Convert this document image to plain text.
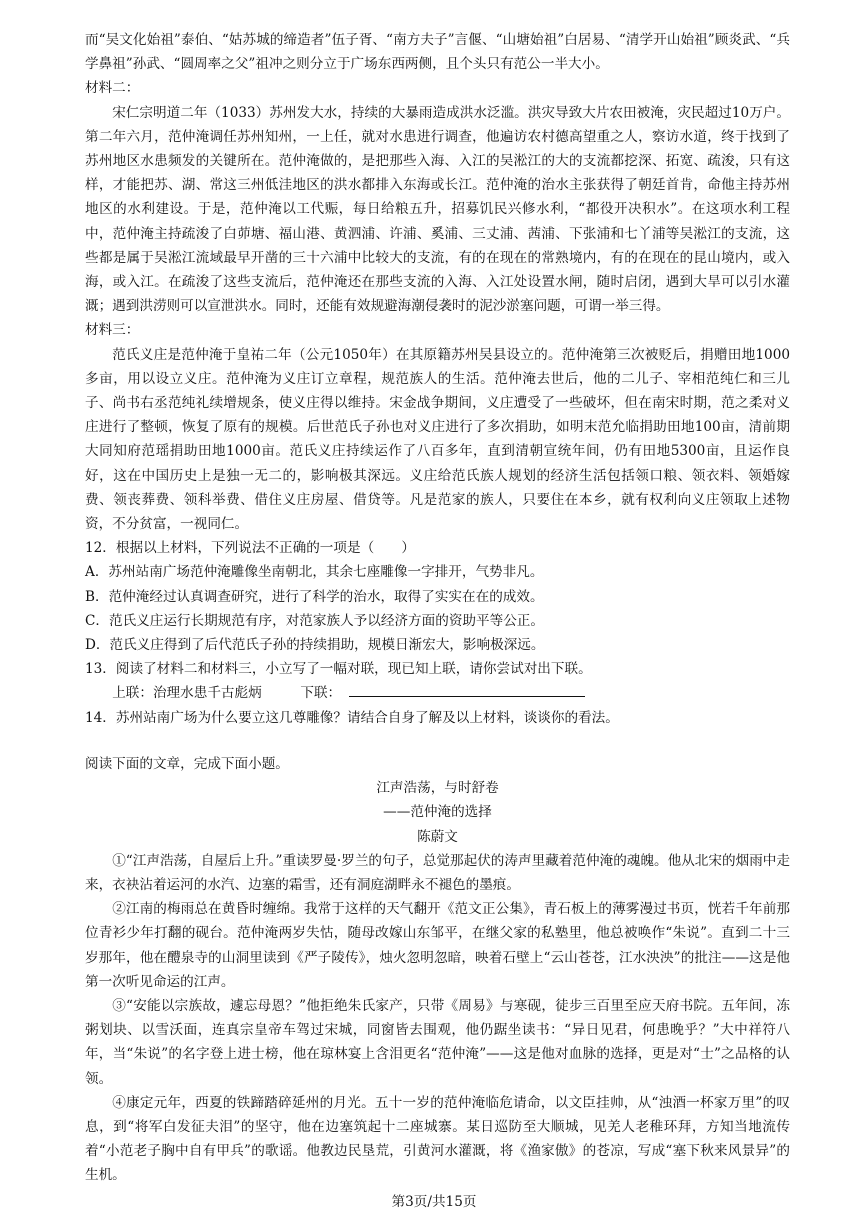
而“吴文化始祖”泰伯、“姑苏城的缔造者”伍子胥、“南方夫子”言偃、“山塘始祖”白居易、“清学开山始祖”顾炎武、“兵学鼻祖”孙武、“圆周率之父”祖冲之则分立于广场东西两侧，且个头只有范公一半大小。

材料二：

宋仁宗明道二年（1033）苏州发大水，持续的大暴雨造成洪水泛滥。洪灾导致大片农田被淹，灾民超过10万户。第二年六月，范仲淹调任苏州知州，一上任，就对水患进行调查，他遍访农村德高望重之人，察访水道，终于找到了苏州地区水患频发的关键所在。范仲淹做的，是把那些入海、入江的吴淞江的大的支流都挖深、拓宽、疏浚，只有这样，才能把苏、湖、常这三州低洼地区的洪水都排入东海或长江。范仲淹的治水主张获得了朝廷首肯，命他主持苏州地区的水利建设。于是，范仲淹以工代赈，每日给粮五升，招募饥民兴修水利，“都役开决积水”。在这项水利工程中，范仲淹主持疏浚了白茆塘、福山港、黄泗浦、许浦、奚浦、三丈浦、茜浦、下张浦和七丫浦等吴淞江的支流，这些都是属于吴淞江流域最早开凿的三十六浦中比较大的支流，有的在现在的常熟境内，有的在现在的昆山境内，或入海，或入江。在疏浚了这些支流后，范仲淹还在那些支流的入海、入江处设置水闸，随时启闭，遇到大旱可以引水灌溉；遇到洪涝则可以宣泄洪水。同时，还能有效规避海潮侵袭时的泥沙淤塞问题，可谓一举三得。

材料三：

范氏义庄是范仲淹于皇祐二年（公元1050年）在其原籍苏州吴县设立的。范仲淹第三次被贬后，捐赠田地1000多亩，用以设立义庄。范仲淹为义庄订立章程，规范族人的生活。范仲淹去世后，他的二儿子、宰相范纯仁和三儿子、尚书右丞范纯礼续增规条，使义庄得以维持。宋金战争期间，义庄遭受了一些破坏，但在南宋时期，范之柔对义庄进行了整顿，恢复了原有的规模。后世范氏子孙也对义庄进行了多次捐助，如明末范允临捐助田地100亩，清前期大同知府范瑶捐助田地1000亩。范氏义庄持续运作了八百多年，直到清朝宣统年间，仍有田地5300亩，且运作良好，这在中国历史上是独一无二的，影响极其深远。义庄给范氏族人规划的经济生活包括领口粮、领衣料、领婚嫁费、领丧葬费、领科举费、借住义庄房屋、借贷等。凡是范家的族人，只要住在本乡，就有权利向义庄领取上述物资，不分贫富，一视同仁。

12．根据以上材料，下列说法不正确的一项是（　　）

A．苏州站南广场范仲淹雕像坐南朝北，其余七座雕像一字排开，气势非凡。

B．范仲淹经过认真调查研究，进行了科学的治水，取得了实实在在的成效。

C．范氏义庄运行长期规范有序，对范家族人予以经济方面的资助平等公正。

D．范氏义庄得到了后代范氏子孙的持续捐助，规模日渐宏大，影响极深远。

13．阅读了材料二和材料三，小立写了一幅对联，现已知上联，请你尝试对出下联。

上联：治理水患千古彪炳	下联：

14．苏州站南广场为什么要立这几尊雕像？请结合自身了解及以上材料，谈谈你的看法。

阅读下面的文章，完成下面小题。

江声浩荡，与时舒卷

——范仲淹的选择

陈蔚文

①“江声浩荡，自屋后上升。”重读罗曼·罗兰的句子，总觉那起伏的涛声里藏着范仲淹的魂魄。他从北宋的烟雨中走来，衣袂沾着运河的水汽、边塞的霜雪，还有洞庭湖畔永不褪色的墨痕。

②江南的梅雨总在黄昏时缠绵。我常于这样的天气翻开《范文正公集》，青石板上的薄雾漫过书页，恍若千年前那位青衫少年打翻的砚台。范仲淹两岁失怙，随母改嫁山东邹平，在继父家的私塾里，他总被唤作“朱说”。直到二十三岁那年，他在醴泉寺的山洞里读到《严子陵传》，烛火忽明忽暗，映着石壁上“云山苍苍，江水泱泱”的批注——这是他第一次听见命运的江声。

③“安能以宗族故，遽忘母恩？”他拒绝朱氏家产，只带《周易》与寒砚，徒步三百里至应天府书院。五年间，冻粥划块、以雪沃面，连真宗皇帝车驾过宋城，同窗皆去围观，他仍踞坐读书：“异日见君，何患晚乎？”大中祥符八年，当“朱说”的名字登上进士榜，他在琼林宴上含泪更名“范仲淹”——这是他对血脉的选择，更是对“士”之品格的认领。

④康定元年，西夏的铁蹄踏碎延州的月光。五十一岁的范仲淹临危请命，以文臣挂帅，从“浊酒一杯家万里”的叹息，到“将军白发征夫泪”的坚守，他在边塞筑起十二座城寨。某日巡防至大顺城，见羌人老稚环拜，方知当地流传着“小范老子胸中自有甲兵”的歌谣。他教边民垦荒，引黄河水灌溉，将《渔家傲》的苍凉，写成“塞下秋来风景异”的生机。

第3页/共15页
